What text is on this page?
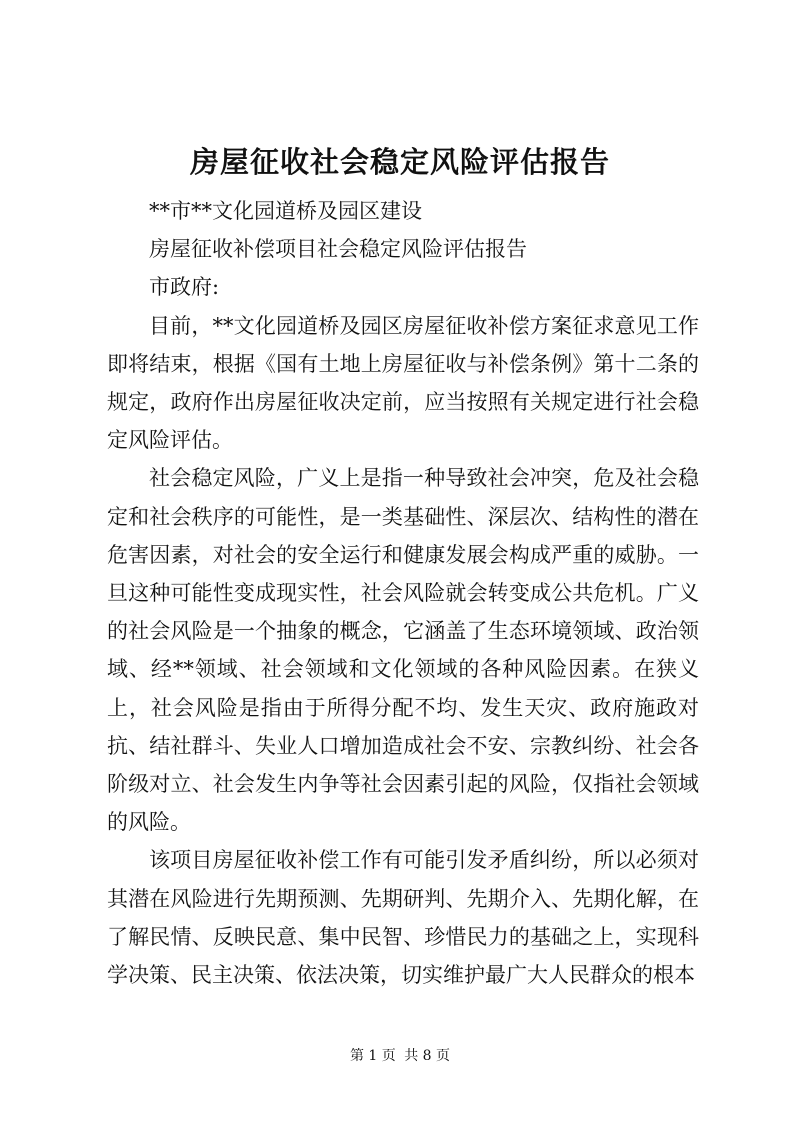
房屋征收社会稳定风险评估报告

**市**文化园道桥及园区建设

房屋征收补偿项目社会稳定风险评估报告

市政府:

目前，**文化园道桥及园区房屋征收补偿方案征求意见工作即将结束，根据《国有土地上房屋征收与补偿条例》第十二条的规定，政府作出房屋征收决定前，应当按照有关规定进行社会稳定风险评估。

社会稳定风险，广义上是指一种导致社会冲突，危及社会稳定和社会秩序的可能性，是一类基础性、深层次、结构性的潜在危害因素，对社会的安全运行和健康发展会构成严重的威胁。一旦这种可能性变成现实性，社会风险就会转变成公共危机。广义的社会风险是一个抽象的概念，它涵盖了生态环境领域、政治领域、经**领域、社会领域和文化领域的各种风险因素。在狭义上，社会风险是指由于所得分配不均、发生天灾、政府施政对抗、结社群斗、失业人口增加造成社会不安、宗教纠纷、社会各阶级对立、社会发生内争等社会因素引起的风险，仅指社会领域的风险。

该项目房屋征收补偿工作有可能引发矛盾纠纷，所以必须对其潜在风险进行先期预测、先期研判、先期介入、先期化解，在了解民情、反映民意、集中民智、珍惜民力的基础之上，实现科学决策、民主决策、依法决策，切实维护最广大人民群众的根本

第 1 页 共 8 页
